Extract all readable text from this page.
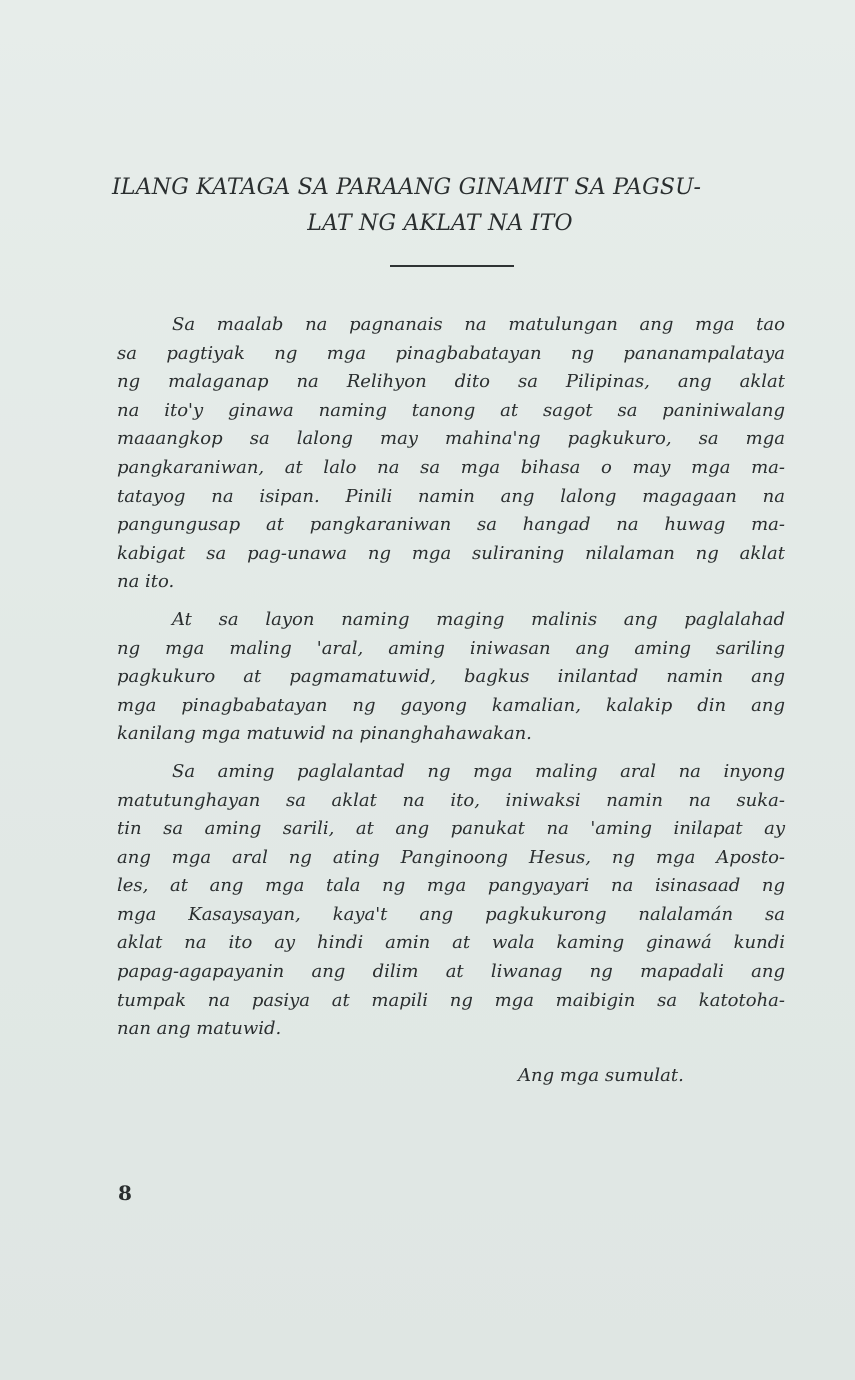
ILANG KATAGA SA PARAANG GINAMIT SA PAGSU-
LAT NG AKLAT NA ITO

Sa maalab na pagnanais na matulungan ang mga tao
sa pagtiyak ng mga pinagbabatayan ng pananampalataya
ng malaganap na Relihyon dito sa Pilipinas, ang aklat
na ito'y ginawa naming tanong at sagot sa paniniwalang
maaangkop sa lalong may mahina'ng pagkukuro, sa mga
pangkaraniwan, at lalo na sa mga bihasa o may mga ma-
tatayog na isipan. Pinili namin ang lalong magagaan na
pangungusap at pangkaraniwan sa hangad na huwag ma-
kabigat sa pag-unawa ng mga suliraning nilalaman ng aklat
na ito.

At sa layon naming maging malinis ang paglalahad
ng mga maling 'aral, aming iniwasan ang aming sariling
pagkukuro at pagmamatuwid, bagkus inilantad namin ang
mga pinagbabatayan ng gayong kamalian, kalakip din ang
kanilang mga matuwid na pinanghahawakan.

Sa aming paglalantad ng mga maling aral na inyong
matutunghayan sa aklat na ito, iniwaksi namin na suka-
tin sa aming sarili, at ang panukat na 'aming inilapat ay
ang mga aral ng ating Panginoong Hesus, ng mga Aposto-
les, at ang mga tala ng mga pangyayari na isinasaad ng
mga Kasaysayan, kaya't ang pagkukurong nalalamán sa
aklat na ito ay hindi amin at wala kaming ginawá kundi
papag-agapayanin ang dilim at liwanag ng mapadali ang
tumpak na pasiya at mapili ng mga maibigin sa katotoha-
nan ang matuwid.

Ang mga sumulat.
8
